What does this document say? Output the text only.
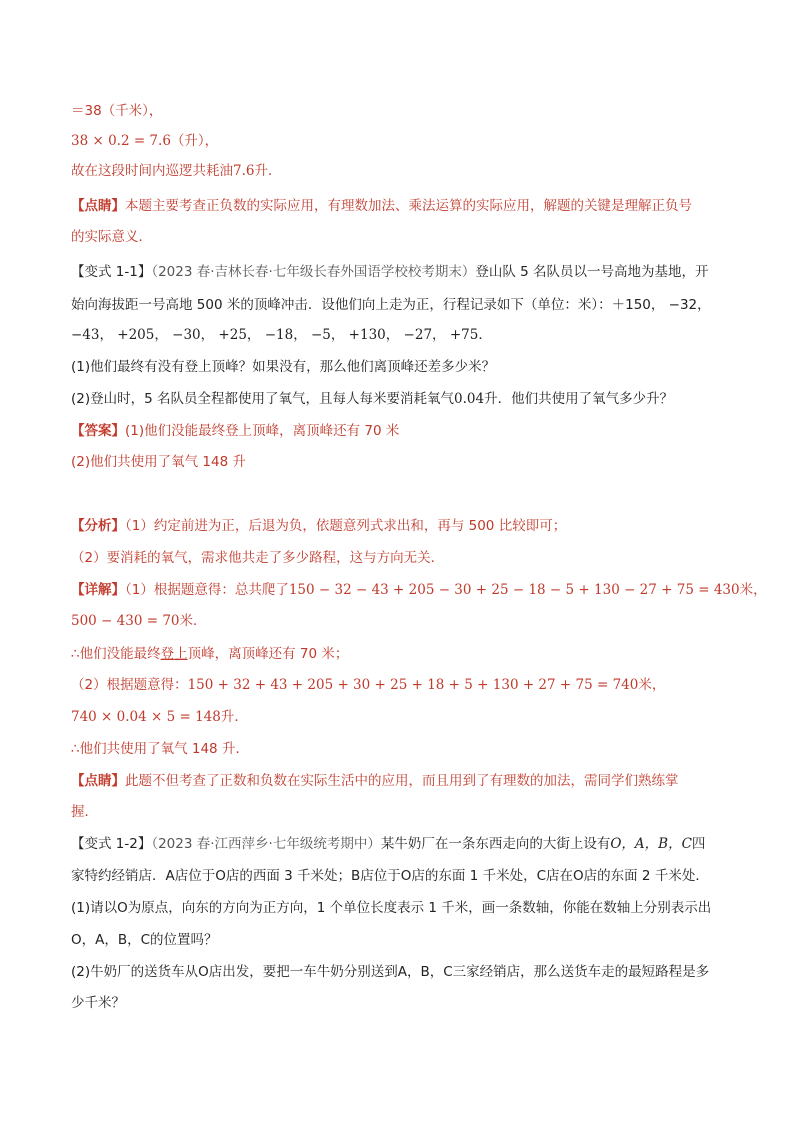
＝38（千米），
38 × 0.2 = 7.6（升），
故在这段时间内巡逻共耗油7.6升．
【点睛】本题主要考查正负数的实际应用，有理数加法、乘法运算的实际应用，解题的关键是理解正负号
的实际意义．
【变式 1-1】（2023 春·吉林长春·七年级长春外国语学校校考期末）登山队 5 名队员以一号高地为基地，开
始向海拔距一号高地 500 米的顶峰冲击．设他们向上走为正，行程记录如下（单位：米）：＋150， −32，
−43， +205， −30， +25， −18， −5， +130， −27， +75．
(1)他们最终有没有登上顶峰？如果没有，那么他们离顶峰还差多少米？
(2)登山时，5 名队员全程都使用了氧气，且每人每米要消耗氧气0.04升．他们共使用了氧气多少升？
【答案】(1)他们没能最终登上顶峰，离顶峰还有 70 米
(2)他们共使用了氧气 148 升
【分析】（1）约定前进为正，后退为负，依题意列式求出和，再与 500 比较即可；
（2）要消耗的氧气，需求他共走了多少路程，这与方向无关．
【详解】（1）根据题意得：总共爬了150 − 32 − 43 + 205 − 30 + 25 − 18 − 5 + 130 − 27 + 75 = 430米，
500 − 430 = 70米．
∴他们没能最终登上顶峰，离顶峰还有 70 米；
（2）根据题意得：150 + 32 + 43 + 205 + 30 + 25 + 18 + 5 + 130 + 27 + 75 = 740米，
740 × 0.04 × 5 = 148升．
∴他们共使用了氧气 148 升．
【点睛】此题不但考查了正数和负数在实际生活中的应用，而且用到了有理数的加法，需同学们熟练掌
握．
【变式 1-2】（2023 春·江西萍乡·七年级统考期中）某牛奶厂在一条东西走向的大街上设有O，A，B，C四
家特约经销店．A店位于O店的西面 3 千米处；B店位于O店的东面 1 千米处，C店在O店的东面 2 千米处．
(1)请以O为原点，向东的方向为正方向，1 个单位长度表示 1 千米，画一条数轴，你能在数轴上分别表示出
O，A，B，C的位置吗？
(2)牛奶厂的送货车从O店出发，要把一车牛奶分别送到A，B，C三家经销店，那么送货车走的最短路程是多
少千米？
